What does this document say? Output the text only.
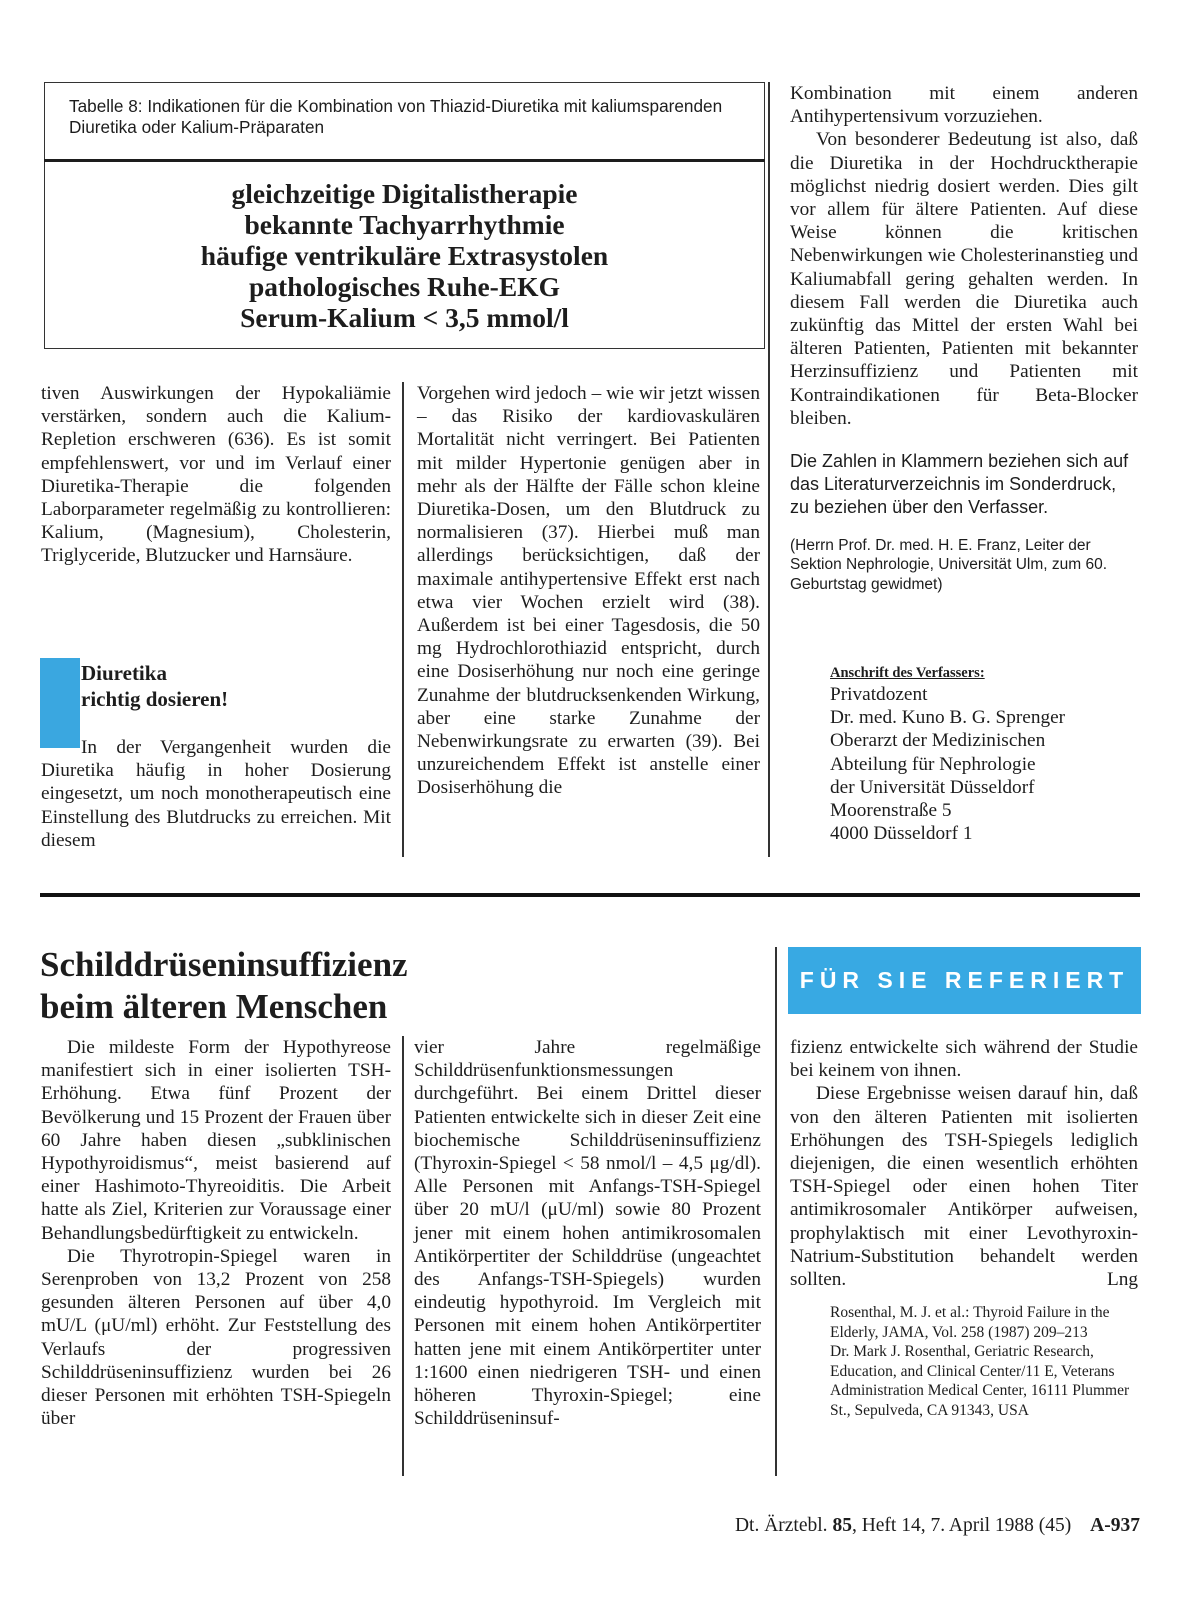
Tabelle 8: Indikationen für die Kombination von Thiazid-Diuretika mit kaliumsparenden Diuretika oder Kalium-Präparaten
gleichzeitige Digitalistherapie
bekannte Tachyarrhythmie
häufige ventrikuläre Extrasystolen
pathologisches Ruhe-EKG
Serum-Kalium < 3,5 mmol/l

tiven Auswirkungen der Hypokaliämie verstärken, sondern auch die Kalium-Repletion erschweren (636). Es ist somit empfehlenswert, vor und im Verlauf einer Diuretika-Therapie die folgenden Laborparameter regelmäßig zu kontrollieren: Kalium, (Magnesium), Cholesterin, Triglyceride, Blutzucker und Harnsäure.

Diuretika
richtig dosieren!

In der Vergangenheit wurden die Diuretika häufig in hoher Dosierung eingesetzt, um noch monotherapeutisch eine Einstellung des Blutdrucks zu erreichen. Mit diesem

Vorgehen wird jedoch – wie wir jetzt wissen – das Risiko der kardiovaskulären Mortalität nicht verringert. Bei Patienten mit milder Hypertonie genügen aber in mehr als der Hälfte der Fälle schon kleine Diuretika-Dosen, um den Blutdruck zu normalisieren (37). Hierbei muß man allerdings berücksichtigen, daß der maximale antihypertensive Effekt erst nach etwa vier Wochen erzielt wird (38). Außerdem ist bei einer Tagesdosis, die 50 mg Hydrochlorothiazid entspricht, durch eine Dosiserhöhung nur noch eine geringe Zunahme der blutdrucksenkenden Wirkung, aber eine starke Zunahme der Nebenwirkungsrate zu erwarten (39). Bei unzureichendem Effekt ist anstelle einer Dosiserhöhung die

Kombination mit einem anderen Antihypertensivum vorzuziehen.

Von besonderer Bedeutung ist also, daß die Diuretika in der Hochdrucktherapie möglichst niedrig dosiert werden. Dies gilt vor allem für ältere Patienten. Auf diese Weise können die kritischen Nebenwirkungen wie Cholesterinanstieg und Kaliumabfall gering gehalten werden. In diesem Fall werden die Diuretika auch zukünftig das Mittel der ersten Wahl bei älteren Patienten, Patienten mit bekannter Herzinsuffizienz und Patienten mit Kontraindikationen für Beta-Blocker bleiben.

Die Zahlen in Klammern beziehen sich auf das Literaturverzeichnis im Sonderdruck, zu beziehen über den Verfasser.

(Herrn Prof. Dr. med. H. E. Franz, Leiter der Sektion Nephrologie, Universität Ulm, zum 60. Geburtstag gewidmet)

Anschrift des Verfassers:
Privatdozent
Dr. med. Kuno B. G. Sprenger
Oberarzt der Medizinischen
Abteilung für Nephrologie
der Universität Düsseldorf
Moorenstraße 5
4000 Düsseldorf 1
Schilddrüseninsuffizienz
beim älteren Menschen
FÜR SIE REFERIERT

Die mildeste Form der Hypothyreose manifestiert sich in einer isolierten TSH-Erhöhung. Etwa fünf Prozent der Bevölkerung und 15 Prozent der Frauen über 60 Jahre haben diesen „subklinischen Hypothyroidismus“, meist basierend auf einer Hashimoto-Thyreoiditis. Die Arbeit hatte als Ziel, Kriterien zur Voraussage einer Behandlungsbedürftigkeit zu entwickeln.

Die Thyrotropin-Spiegel waren in Serenproben von 13,2 Prozent von 258 gesunden älteren Personen auf über 4,0 mU/L (μU/ml) erhöht. Zur Feststellung des Verlaufs der progressiven Schilddrüseninsuffizienz wurden bei 26 dieser Personen mit erhöhten TSH-Spiegeln über

vier Jahre regelmäßige Schilddrüsenfunktionsmessungen durchgeführt. Bei einem Drittel dieser Patienten entwickelte sich in dieser Zeit eine biochemische Schilddrüseninsuffizienz (Thyroxin-Spiegel < 58 nmol/l – 4,5 μg/dl). Alle Personen mit Anfangs-TSH-Spiegel über 20 mU/l (μU/ml) sowie 80 Prozent jener mit einem hohen antimikrosomalen Antikörpertiter der Schilddrüse (ungeachtet des Anfangs-TSH-Spiegels) wurden eindeutig hypothyroid. Im Vergleich mit Personen mit einem hohen Antikörpertiter hatten jene mit einem Antikörpertiter unter 1:1600 einen niedrigeren TSH- und einen höheren Thyroxin-Spiegel; eine Schilddrüseninsuf-

fizienz entwickelte sich während der Studie bei keinem von ihnen.

Diese Ergebnisse weisen darauf hin, daß von den älteren Patienten mit isolierten Erhöhungen des TSH-Spiegels lediglich diejenigen, die einen wesentlich erhöhten TSH-Spiegel oder einen hohen Titer antimikrosomaler Antikörper aufweisen, prophylaktisch mit einer Levothyroxin-Natrium-Substitution behandelt werden sollten.	Lng

Rosenthal, M. J. et al.: Thyroid Failure in the Elderly, JAMA, Vol. 258 (1987) 209–213

Dr. Mark J. Rosenthal, Geriatric Research, Education, and Clinical Center/11 E, Veterans Administration Medical Center, 16111 Plummer St., Sepulveda, CA 91343, USA

Dt. Ärztebl. 85, Heft 14, 7. April 1988 (45) A-937
